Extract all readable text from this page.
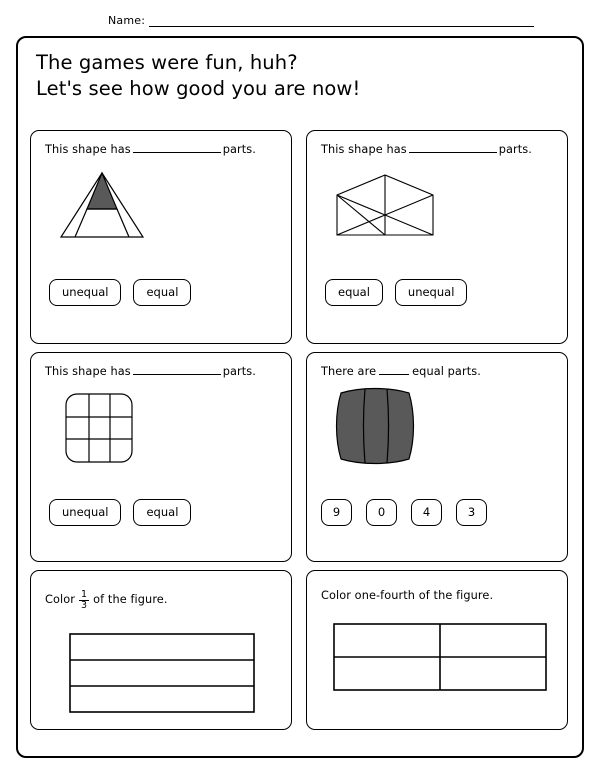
Name:
The games were fun, huh?
Let's see how good you are now!
This shape has	parts.
unequal	equal
This shape has	parts.
equal	unequal
This shape has	parts.
unequal	equal
There are	equal parts.
9	0	4	3
Color $\frac{1}{3}$ of the figure.	Color one-fourth of the figure.
